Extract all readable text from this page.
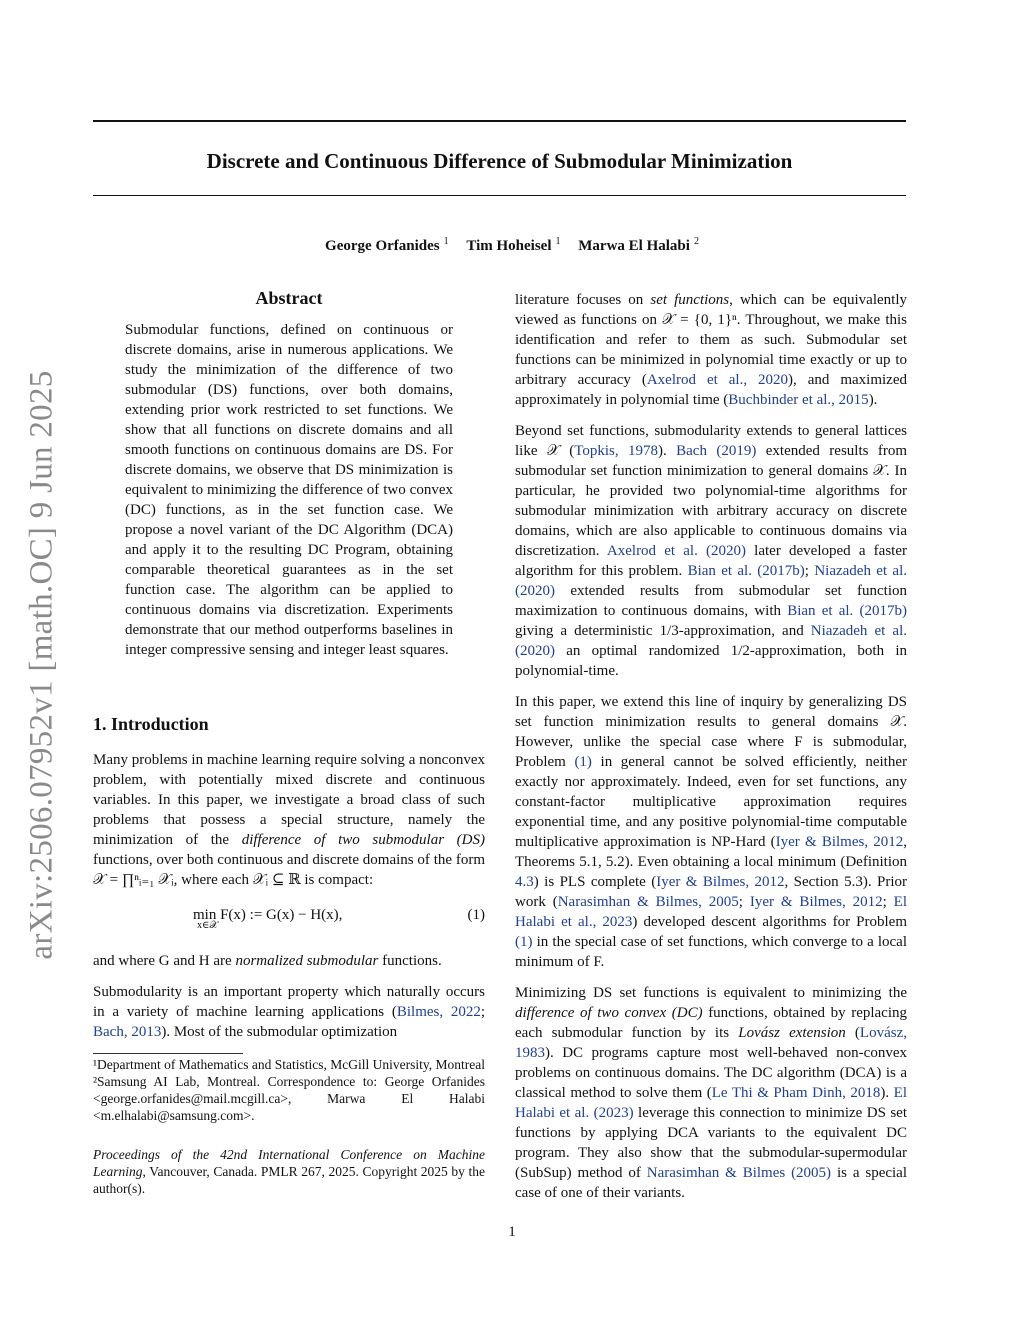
Discrete and Continuous Difference of Submodular Minimization
George Orfanides $^1$ Tim Hoheisel $^1$ Marwa El Halabi $^2$
arXiv:2506.07952v1 [math.OC] 9 Jun 2025
Abstract

Submodular functions, defined on continuous or discrete domains, arise in numerous applications. We study the minimization of the difference of two submodular (DS) functions, over both domains, extending prior work restricted to set functions. We show that all functions on discrete domains and all smooth functions on continuous domains are DS. For discrete domains, we observe that DS minimization is equivalent to minimizing the difference of two convex (DC) functions, as in the set function case. We propose a novel variant of the DC Algorithm (DCA) and apply it to the resulting DC Program, obtaining comparable theoretical guarantees as in the set function case. The algorithm can be applied to continuous domains via discretization. Experiments demonstrate that our method outperforms baselines in integer compressive sensing and integer least squares.

1. Introduction

Many problems in machine learning require solving a nonconvex problem, with potentially mixed discrete and continuous variables. In this paper, we investigate a broad class of such problems that possess a special structure, namely the minimization of the difference of two submodular (DS) functions, over both continuous and discrete domains of the form 𝒳 = ∏ⁿᵢ₌₁ 𝒳ᵢ, where each 𝒳ᵢ ⊆ ℝ is compact:

min F(x) := G(x) − H(x),
x∈𝒳
(1)

and where G and H are normalized submodular functions.

Submodularity is an important property which naturally occurs in a variety of machine learning applications (Bilmes, 2022; Bach, 2013). Most of the submodular optimization

¹Department of Mathematics and Statistics, McGill University, Montreal ²Samsung AI Lab, Montreal. Correspondence to: George Orfanides <george.orfanides@mail.mcgill.ca>, Marwa El Halabi <m.elhalabi@samsung.com>.

Proceedings of the 42nd International Conference on Machine Learning, Vancouver, Canada. PMLR 267, 2025. Copyright 2025 by the author(s).

literature focuses on set functions, which can be equivalently viewed as functions on 𝒳 = {0, 1}ⁿ. Throughout, we make this identification and refer to them as such. Submodular set functions can be minimized in polynomial time exactly or up to arbitrary accuracy (Axelrod et al., 2020), and maximized approximately in polynomial time (Buchbinder et al., 2015).

Beyond set functions, submodularity extends to general lattices like 𝒳 (Topkis, 1978). Bach (2019) extended results from submodular set function minimization to general domains 𝒳. In particular, he provided two polynomial-time algorithms for submodular minimization with arbitrary accuracy on discrete domains, which are also applicable to continuous domains via discretization. Axelrod et al. (2020) later developed a faster algorithm for this problem. Bian et al. (2017b); Niazadeh et al. (2020) extended results from submodular set function maximization to continuous domains, with Bian et al. (2017b) giving a deterministic 1/3-approximation, and Niazadeh et al. (2020) an optimal randomized 1/2-approximation, both in polynomial-time.

In this paper, we extend this line of inquiry by generalizing DS set function minimization results to general domains 𝒳. However, unlike the special case where F is submodular, Problem (1) in general cannot be solved efficiently, neither exactly nor approximately. Indeed, even for set functions, any constant-factor multiplicative approximation requires exponential time, and any positive polynomial-time computable multiplicative approximation is NP-Hard (Iyer & Bilmes, 2012, Theorems 5.1, 5.2). Even obtaining a local minimum (Definition 4.3) is PLS complete (Iyer & Bilmes, 2012, Section 5.3). Prior work (Narasimhan & Bilmes, 2005; Iyer & Bilmes, 2012; El Halabi et al., 2023) developed descent algorithms for Problem (1) in the special case of set functions, which converge to a local minimum of F.

Minimizing DS set functions is equivalent to minimizing the difference of two convex (DC) functions, obtained by replacing each submodular function by its Lovász extension (Lovász, 1983). DC programs capture most well-behaved non-convex problems on continuous domains. The DC algorithm (DCA) is a classical method to solve them (Le Thi & Pham Dinh, 2018). El Halabi et al. (2023) leverage this connection to minimize DS set functions by applying DCA variants to the equivalent DC program. They also show that the submodular-supermodular (SubSup) method of Narasimhan & Bilmes (2005) is a special case of one of their variants.

1
